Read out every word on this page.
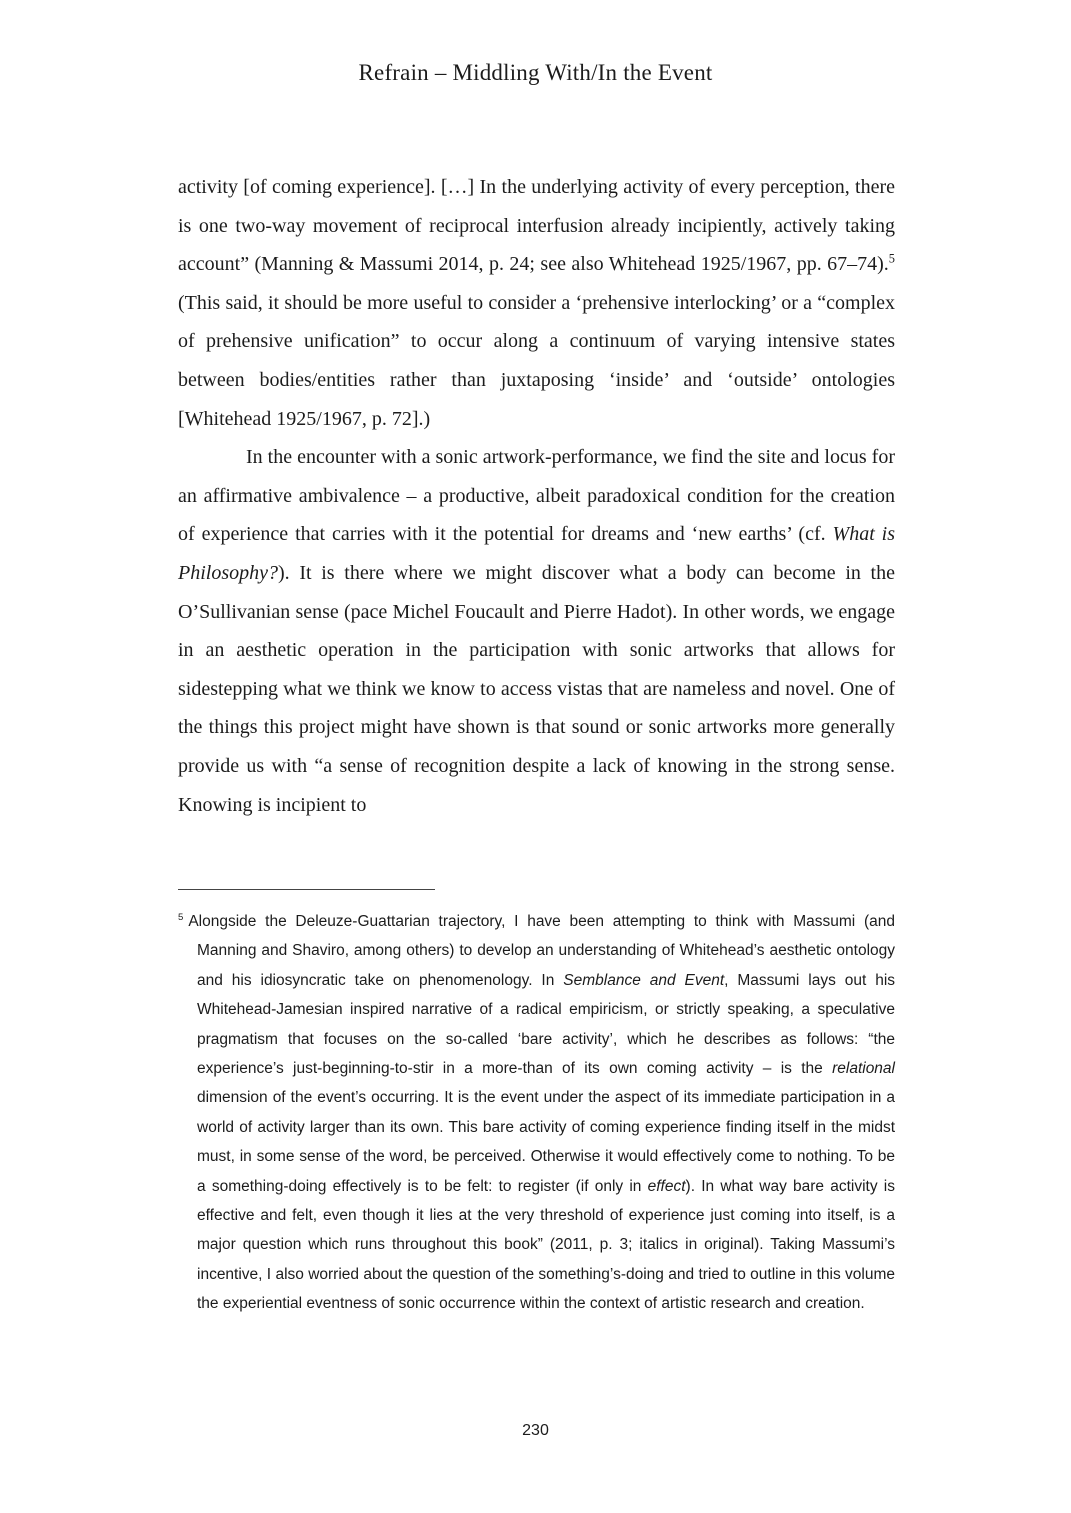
Refrain – Middling With/In the Event

activity [of coming experience]. […] In the underlying activity of every perception, there is one two-way movement of reciprocal interfusion already incipiently, actively taking account” (Manning & Massumi 2014, p. 24; see also Whitehead 1925/1967, pp. 67–74).$^5$ (This said, it should be more useful to consider a ‘prehensive interlocking’ or a “complex of prehensive unification” to occur along a continuum of varying intensive states between bodies/entities rather than juxtaposing ‘inside’ and ‘outside’ ontologies [Whitehead 1925/1967, p. 72].)

In the encounter with a sonic artwork-performance, we find the site and locus for an affirmative ambivalence – a productive, albeit paradoxical condition for the creation of experience that carries with it the potential for dreams and ‘new earths’ (cf. What is Philosophy?). It is there where we might discover what a body can become in the O’Sullivanian sense (pace Michel Foucault and Pierre Hadot). In other words, we engage in an aesthetic operation in the participation with sonic artworks that allows for sidestepping what we think we know to access vistas that are nameless and novel. One of the things this project might have shown is that sound or sonic artworks more generally provide us with “a sense of recognition despite a lack of knowing in the strong sense. Knowing is incipient to

$^5$ Alongside the Deleuze-Guattarian trajectory, I have been attempting to think with Massumi (and Manning and Shaviro, among others) to develop an understanding of Whitehead’s aesthetic ontology and his idiosyncratic take on phenomenology. In Semblance and Event, Massumi lays out his Whitehead-Jamesian inspired narrative of a radical empiricism, or strictly speaking, a speculative pragmatism that focuses on the so-called ‘bare activity’, which he describes as follows: “the experience’s just-beginning-to-stir in a more-than of its own coming activity – is the relational dimension of the event’s occurring. It is the event under the aspect of its immediate participation in a world of activity larger than its own. This bare activity of coming experience finding itself in the midst must, in some sense of the word, be perceived. Otherwise it would effectively come to nothing. To be a something-doing effectively is to be felt: to register (if only in effect). In what way bare activity is effective and felt, even though it lies at the very threshold of experience just coming into itself, is a major question which runs throughout this book” (2011, p. 3; italics in original). Taking Massumi’s incentive, I also worried about the question of the something’s-doing and tried to outline in this volume the experiential eventness of sonic occurrence within the context of artistic research and creation.

230
